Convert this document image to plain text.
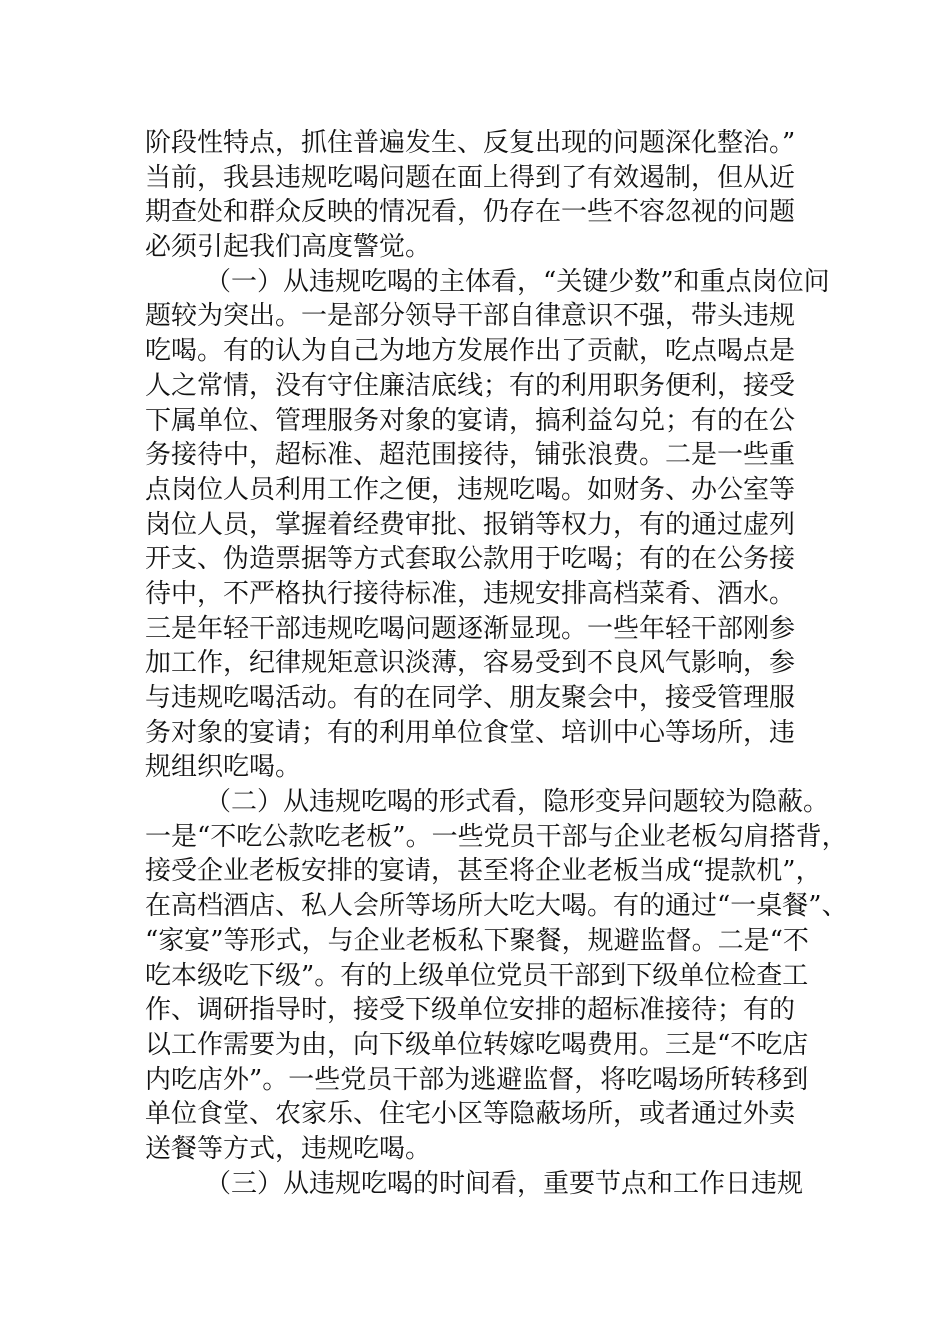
阶段性特点，抓住普遍发生、反复出现的问题深化整治。”
当前，我县违规吃喝问题在面上得到了有效遏制，但从近
期查处和群众反映的情况看，仍存在一些不容忽视的问题
必须引起我们高度警觉。
（一）从违规吃喝的主体看，“关键少数”和重点岗位问
题较为突出。一是部分领导干部自律意识不强，带头违规
吃喝。有的认为自己为地方发展作出了贡献，吃点喝点是
人之常情，没有守住廉洁底线；有的利用职务便利，接受
下属单位、管理服务对象的宴请，搞利益勾兑；有的在公
务接待中，超标准、超范围接待，铺张浪费。二是一些重
点岗位人员利用工作之便，违规吃喝。如财务、办公室等
岗位人员，掌握着经费审批、报销等权力，有的通过虚列
开支、伪造票据等方式套取公款用于吃喝；有的在公务接
待中，不严格执行接待标准，违规安排高档菜肴、酒水。
三是年轻干部违规吃喝问题逐渐显现。一些年轻干部刚参
加工作，纪律规矩意识淡薄，容易受到不良风气影响，参
与违规吃喝活动。有的在同学、朋友聚会中，接受管理服
务对象的宴请；有的利用单位食堂、培训中心等场所，违
规组织吃喝。
（二）从违规吃喝的形式看，隐形变异问题较为隐蔽。
一是“不吃公款吃老板”。一些党员干部与企业老板勾肩搭背，
接受企业老板安排的宴请，甚至将企业老板当成“提款机”，
在高档酒店、私人会所等场所大吃大喝。有的通过“一桌餐”、
“家宴”等形式，与企业老板私下聚餐，规避监督。二是“不
吃本级吃下级”。有的上级单位党员干部到下级单位检查工
作、调研指导时，接受下级单位安排的超标准接待；有的
以工作需要为由，向下级单位转嫁吃喝费用。三是“不吃店
内吃店外”。一些党员干部为逃避监督，将吃喝场所转移到
单位食堂、农家乐、住宅小区等隐蔽场所，或者通过外卖
送餐等方式，违规吃喝。
（三）从违规吃喝的时间看，重要节点和工作日违规
